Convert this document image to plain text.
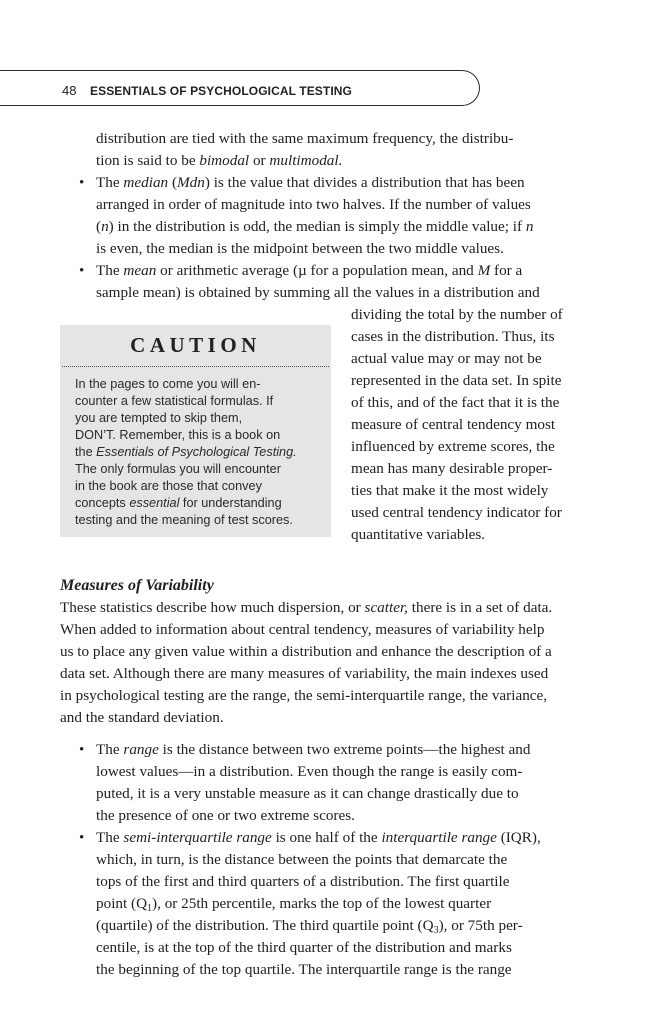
48 ESSENTIALS OF PSYCHOLOGICAL TESTING
distribution are tied with the same maximum frequency, the distribu-
tion is said to be bimodal or multimodal.
• The median (Mdn) is the value that divides a distribution that has been
arranged in order of magnitude into two halves. If the number of values
(n) in the distribution is odd, the median is simply the middle value; if n
is even, the median is the midpoint between the two middle values.
• The mean or arithmetic average (µ for a population mean, and M for a
sample mean) is obtained by summing all the values in a distribution and
dividing the total by the number of
cases in the distribution. Thus, its
actual value may or may not be
represented in the data set. In spite
of this, and of the fact that it is the
measure of central tendency most
influenced by extreme scores, the
mean has many desirable proper-
ties that make it the most widely
used central tendency indicator for
quantitative variables.
CAUTION
In the pages to come you will en-
counter a few statistical formulas. If
you are tempted to skip them,
DON’T. Remember, this is a book on
the Essentials of Psychological Testing.
The only formulas you will encounter
in the book are those that convey
concepts essential for understanding
testing and the meaning of test scores.
Measures of Variability
These statistics describe how much dispersion, or scatter, there is in a set of data.
When added to information about central tendency, measures of variability help
us to place any given value within a distribution and enhance the description of a
data set. Although there are many measures of variability, the main indexes used
in psychological testing are the range, the semi-interquartile range, the variance,
and the standard deviation.
• The range is the distance between two extreme points—the highest and
lowest values—in a distribution. Even though the range is easily com-
puted, it is a very unstable measure as it can change drastically due to
the presence of one or two extreme scores.
• The semi-interquartile range is one half of the interquartile range (IQR),
which, in turn, is the distance between the points that demarcate the
tops of the first and third quarters of a distribution. The first quartile
point $(Q_1)$, or 25th percentile, marks the top of the lowest quarter
(quartile) of the distribution. The third quartile point $(Q_3)$, or 75th per-
centile, is at the top of the third quarter of the distribution and marks
the beginning of the top quartile. The interquartile range is the range
